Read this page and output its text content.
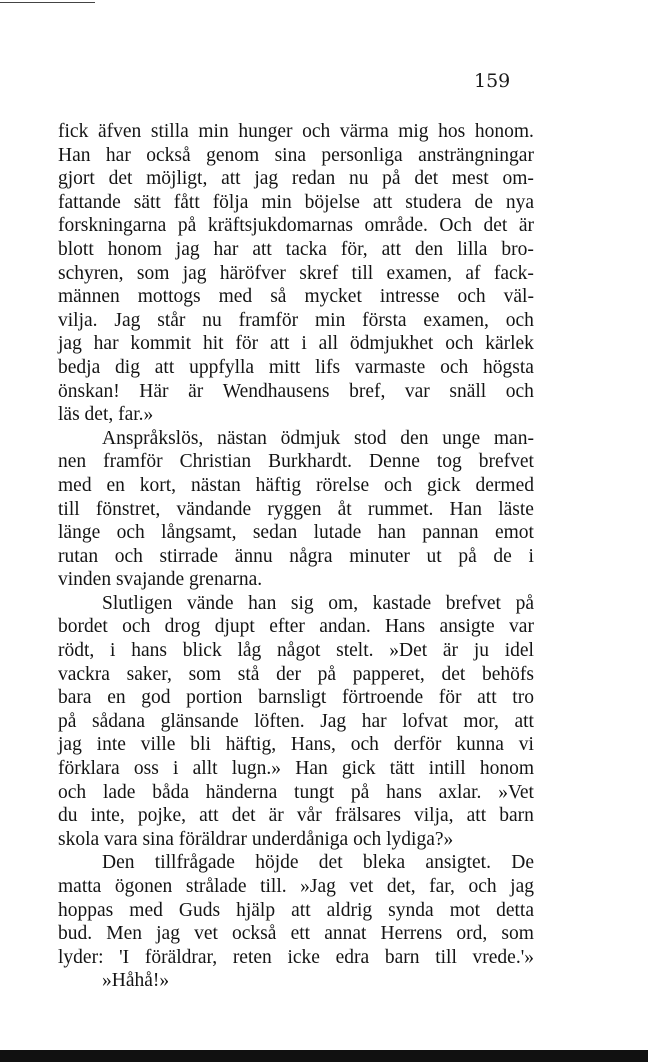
159
fick äfven stilla min hunger och värma mig hos honom.
Han har också genom sina personliga ansträngningar
gjort det möjligt, att jag redan nu på det mest om-
fattande sätt fått följa min böjelse att studera de nya
forskningarna på kräftsjukdomarnas område. Och det är
blott honom jag har att tacka för, att den lilla bro-
schyren, som jag häröfver skref till examen, af fack-
männen mottogs med så mycket intresse och väl-
vilja. Jag står nu framför min första examen, och
jag har kommit hit för att i all ödmjukhet och kärlek
bedja dig att uppfylla mitt lifs varmaste och högsta
önskan! Här är Wendhausens bref, var snäll och
läs det, far.»
Anspråkslös, nästan ödmjuk stod den unge man-
nen framför Christian Burkhardt. Denne tog brefvet
med en kort, nästan häftig rörelse och gick dermed
till fönstret, vändande ryggen åt rummet. Han läste
länge och långsamt, sedan lutade han pannan emot
rutan och stirrade ännu några minuter ut på de i
vinden svajande grenarna.
Slutligen vände han sig om, kastade brefvet på
bordet och drog djupt efter andan. Hans ansigte var
rödt, i hans blick låg något stelt. »Det är ju idel
vackra saker, som stå der på papperet, det behöfs
bara en god portion barnsligt förtroende för att tro
på sådana glänsande löften. Jag har lofvat mor, att
jag inte ville bli häftig, Hans, och derför kunna vi
förklara oss i allt lugn.» Han gick tätt intill honom
och lade båda händerna tungt på hans axlar. »Vet
du inte, pojke, att det är vår frälsares vilja, att barn
skola vara sina föräldrar underdåniga och lydiga?»
Den tillfrågade höjde det bleka ansigtet. De
matta ögonen strålade till. »Jag vet det, far, och jag
hoppas med Guds hjälp att aldrig synda mot detta
bud. Men jag vet också ett annat Herrens ord, som
lyder: 'I föräldrar, reten icke edra barn till vrede.'»
»Håhå!»
